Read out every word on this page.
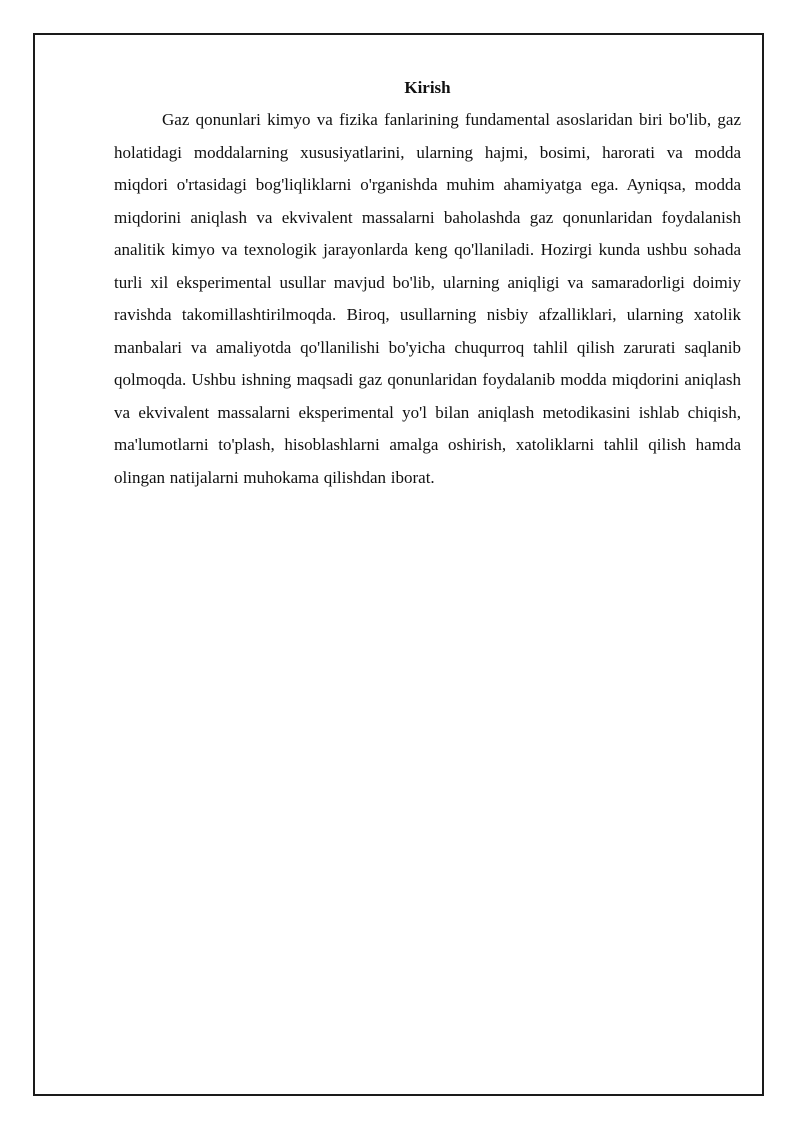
Kirish

Gaz qonunlari kimyo va fizika fanlarining fundamental asoslaridan biri bo'lib, gaz holatidagi moddalarning xususiyatlarini, ularning hajmi, bosimi, harorati va modda miqdori o'rtasidagi bog'liqliklarni o'rganishda muhim ahamiyatga ega. Ayniqsa, modda miqdorini aniqlash va ekvivalent massalarni baholashda gaz qonunlaridan foydalanish analitik kimyo va texnologik jarayonlarda keng qo'llaniladi. Hozirgi kunda ushbu sohada turli xil eksperimental usullar mavjud bo'lib, ularning aniqligi va samaradorligi doimiy ravishda takomillashtirilmoqda. Biroq, usullarning nisbiy afzalliklari, ularning xatolik manbalari va amaliyotda qo'llanilishi bo'yicha chuqurroq tahlil qilish zarurati saqlanib qolmoqda. Ushbu ishning maqsadi gaz qonunlaridan foydalanib modda miqdorini aniqlash va ekvivalent massalarni eksperimental yo'l bilan aniqlash metodikasini ishlab chiqish, ma'lumotlarni to'plash, hisoblashlarni amalga oshirish, xatoliklarni tahlil qilish hamda olingan natijalarni muhokama qilishdan iborat.
